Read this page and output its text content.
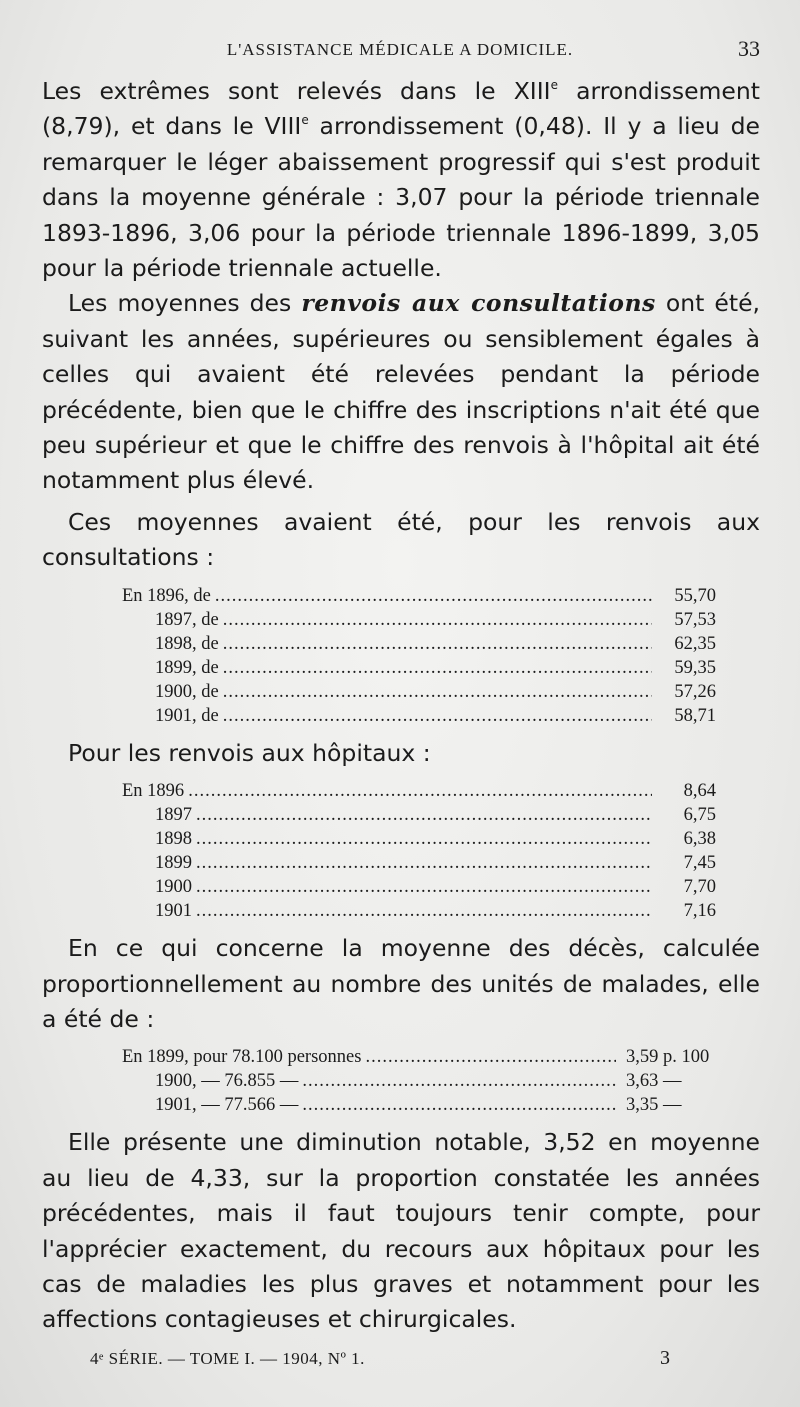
L'ASSISTANCE MÉDICALE A DOMICILE.	33

Les extrêmes sont relevés dans le XIIIe arrondissement (8,79), et dans le VIIIe arrondissement (0,48). Il y a lieu de remarquer le léger abaissement progressif qui s'est produit dans la moyenne générale : 3,07 pour la période triennale 1893-1896, 3,06 pour la période triennale 1896-1899, 3,05 pour la période triennale actuelle.

Les moyennes des renvois aux consultations ont été, suivant les années, supérieures ou sensiblement égales à celles qui avaient été relevées pendant la période précédente, bien que le chiffre des inscriptions n'ait été que peu supérieur et que le chiffre des renvois à l'hôpital ait été notamment plus élevé.

Ces moyennes avaient été, pour les renvois aux consultations :

En 1896, de .....	55,70
1897, de .....	57,53
1898, de .....	62,35
1899, de .....	59,35
1900, de .....	57,26
1901, de .....	58,71

Pour les renvois aux hôpitaux :

En 1896 .....	8,64
1897 .....	6,75
1898 .....	6,38
1899 .....	7,45
1900 .....	7,70
1901 .....	7,16

En ce qui concerne la moyenne des décès, calculée proportionnellement au nombre des unités de malades, elle a été de :

En 1899, pour 78.100 personnes .....	3,59 p. 100
1900, — 76.855 — .....	3,63 —
1901, — 77.566 — .....	3,35 —

Elle présente une diminution notable, 3,52 en moyenne au lieu de 4,33, sur la proportion constatée les années précédentes, mais il faut toujours tenir compte, pour l'apprécier exactement, du recours aux hôpitaux pour les cas de maladies les plus graves et notamment pour les affections contagieuses et chirurgicales.

4ᵉ SÉRIE. — TOME I. — 1904, Nº 1.	3
